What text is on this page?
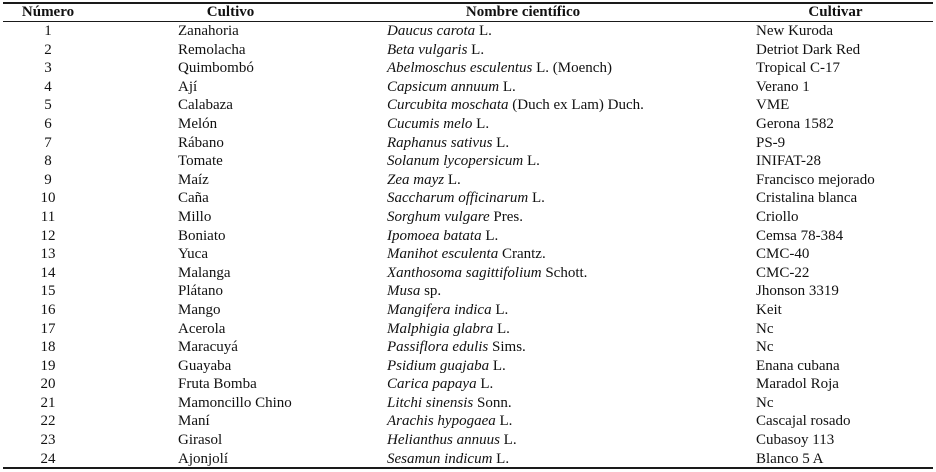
Número	Cultivo	Nombre científico	Cultivar
1	Zanahoria	Daucus carota L.	New Kuroda
2	Remolacha	Beta vulgaris L.	Detriot Dark Red
3	Quimbombó	Abelmoschus esculentus L. (Moench)	Tropical C-17
4	Ají	Capsicum annuum L.	Verano 1
5	Calabaza	Curcubita moschata (Duch ex Lam) Duch.	VME
6	Melón	Cucumis melo L.	Gerona 1582
7	Rábano	Raphanus sativus L.	PS-9
8	Tomate	Solanum lycopersicum L.	INIFAT-28
9	Maíz	Zea mayz L.	Francisco mejorado
10	Caña	Saccharum officinarum L.	Cristalina blanca
11	Millo	Sorghum vulgare Pres.	Criollo
12	Boniato	Ipomoea batata L.	Cemsa 78-384
13	Yuca	Manihot esculenta Crantz.	CMC-40
14	Malanga	Xanthosoma sagittifolium Schott.	CMC-22
15	Plátano	Musa sp.	Jhonson 3319
16	Mango	Mangifera indica L.	Keit
17	Acerola	Malphigia glabra L.	Nc
18	Maracuyá	Passiflora edulis Sims.	Nc
19	Guayaba	Psidium guajaba L.	Enana cubana
20	Fruta Bomba	Carica papaya L.	Maradol Roja
21	Mamoncillo Chino	Litchi sinensis Sonn.	Nc
22	Maní	Arachis hypogaea L.	Cascajal rosado
23	Girasol	Helianthus annuus L.	Cubasoy 113
24	Ajonjolí	Sesamun indicum L.	Blanco 5 A
